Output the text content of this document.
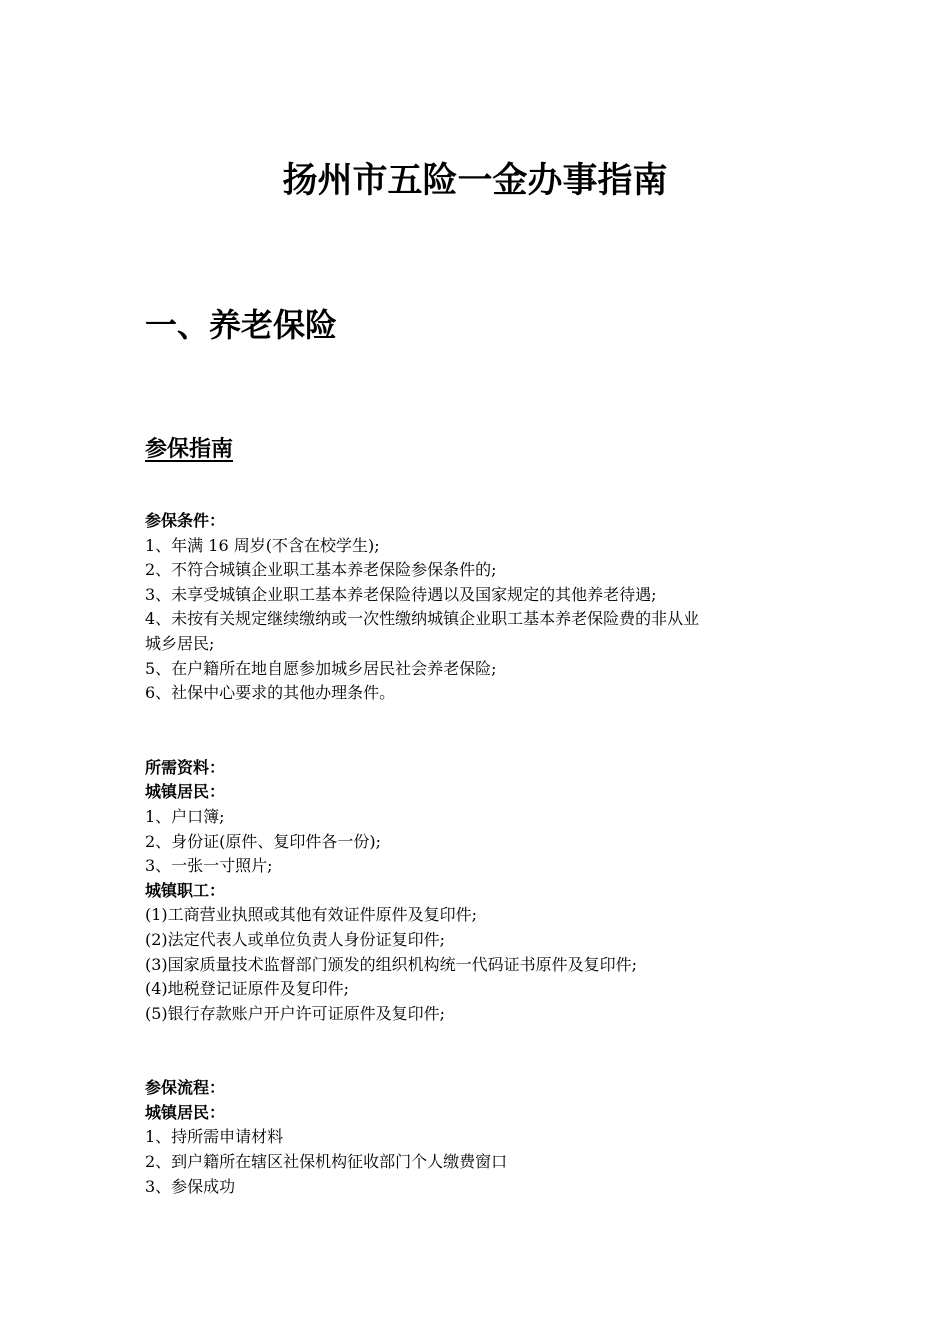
扬州市五险一金办事指南
一、养老保险
参保指南

参保条件：

1、年满 16 周岁(不含在校学生);

2、不符合城镇企业职工基本养老保险参保条件的;

3、未享受城镇企业职工基本养老保险待遇以及国家规定的其他养老待遇;

4、未按有关规定继续缴纳或一次性缴纳城镇企业职工基本养老保险费的非从业

城乡居民;

5、在户籍所在地自愿参加城乡居民社会养老保险;

6、社保中心要求的其他办理条件。

所需资料：

城镇居民：

1、户口簿;

2、身份证(原件、复印件各一份);

3、一张一寸照片;

城镇职工：

(1)工商营业执照或其他有效证件原件及复印件;

(2)法定代表人或单位负责人身份证复印件;

(3)国家质量技术监督部门颁发的组织机构统一代码证书原件及复印件;

(4)地税登记证原件及复印件;

(5)银行存款账户开户许可证原件及复印件;

参保流程：

城镇居民：

1、持所需申请材料

2、到户籍所在辖区社保机构征收部门个人缴费窗口

3、参保成功
